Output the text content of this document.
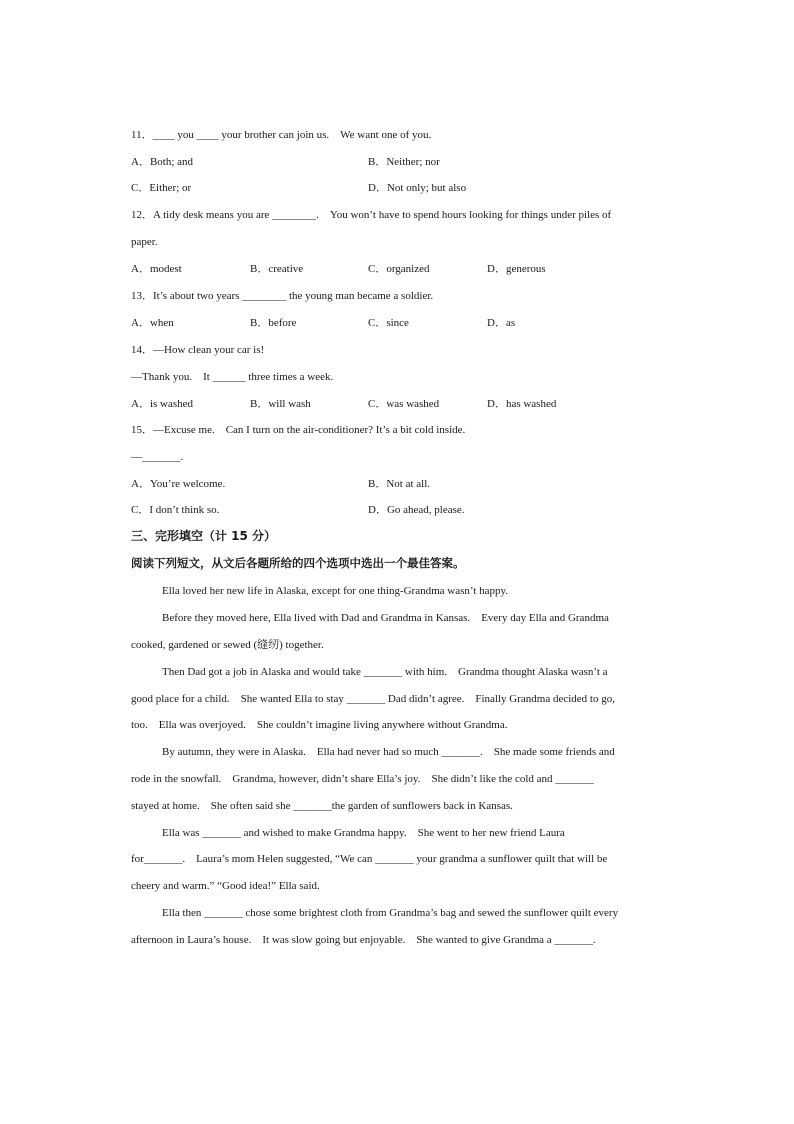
11．____ you ____ your brother can join us.　We want one of you.
A．Both; and	B．Neither; nor
C．Either; or	D．Not only; but also
12．A tidy desk means you are ________.　You won’t have to spend hours looking for things under piles of
paper.
A．modest	B．creative	C．organized	D．generous
13．It’s about two years ________ the young man became a soldier.
A．when	B．before	C．since	D．as
14．—How clean your car is!
—Thank you.　It ______ three times a week.
A．is washed	B．will wash	C．was washed	D．has washed
15．—Excuse me.　Can I turn on the air-conditioner? It’s a bit cold inside.
—_______.
A．You’re welcome.	B．Not at all.
C．I don’t think so.	D．Go ahead, please.
三、完形填空（计 15 分）
阅读下列短文，从文后各题所给的四个选项中选出一个最佳答案。
Ella loved her new life in Alaska, except for one thing-Grandma wasn’t happy.
Before they moved here, Ella lived with Dad and Grandma in Kansas.　Every day Ella and Grandma
cooked, gardened or sewed (缝纫) together.
Then Dad got a job in Alaska and would take _______ with him.　Grandma thought Alaska wasn’t a
good place for a child.　She wanted Ella to stay _______ Dad didn’t agree.　Finally Grandma decided to go,
too.　Ella was overjoyed.　She couldn’t imagine living anywhere without Grandma.
By autumn, they were in Alaska.　Ella had never had so much _______.　She made some friends and
rode in the snowfall.　Grandma, however, didn’t share Ella’s joy.　She didn’t like the cold and _______
stayed at home.　She often said she _______the garden of sunflowers back in Kansas.
Ella was _______ and wished to make Grandma happy.　She went to her new friend Laura
for_______.　Laura’s mom Helen suggested, “We can _______ your grandma a sunflower quilt that will be
cheery and warm.” “Good idea!” Ella said.
Ella then _______ chose some brightest cloth from Grandma’s bag and sewed the sunflower quilt every
afternoon in Laura’s house.　It was slow going but enjoyable.　She wanted to give Grandma a _______.
